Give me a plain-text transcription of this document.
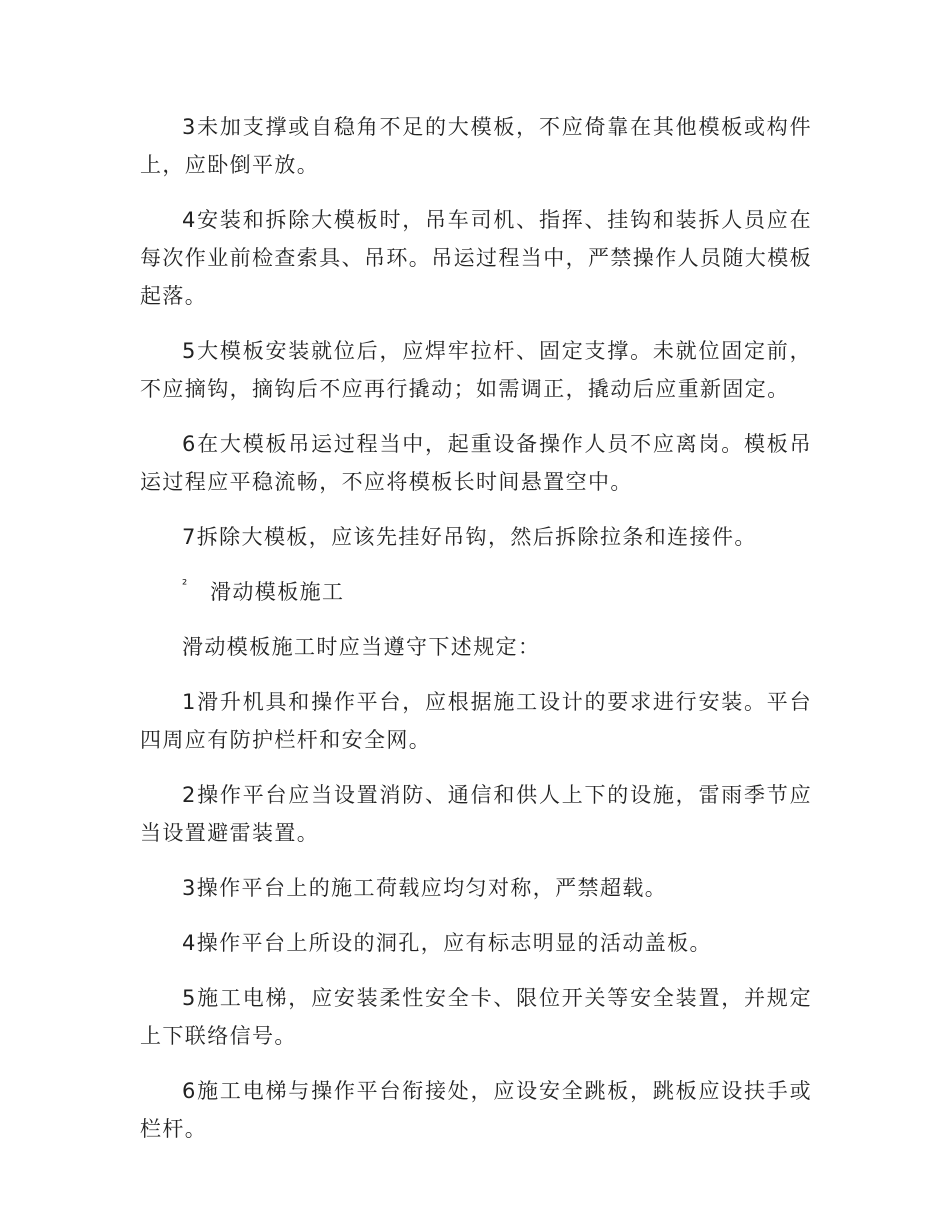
3未加支撑或自稳角不足的大模板，不应倚靠在其他模板或构件上，应卧倒平放。

4安装和拆除大模板时，吊车司机、指挥、挂钩和装拆人员应在每次作业前检查索具、吊环。吊运过程当中，严禁操作人员随大模板起落。

5大模板安装就位后，应焊牢拉杆、固定支撑。未就位固定前，不应摘钩，摘钩后不应再行撬动；如需调正，撬动后应重新固定。

6在大模板吊运过程当中，起重设备操作人员不应离岗。模板吊运过程应平稳流畅，不应将模板长时间悬置空中。

7拆除大模板，应该先挂好吊钩，然后拆除拉条和连接件。

² 滑动模板施工

滑动模板施工时应当遵守下述规定：

1滑升机具和操作平台，应根据施工设计的要求进行安装。平台四周应有防护栏杆和安全网。

2操作平台应当设置消防、通信和供人上下的设施，雷雨季节应当设置避雷装置。

3操作平台上的施工荷载应均匀对称，严禁超载。

4操作平台上所设的洞孔，应有标志明显的活动盖板。

5施工电梯，应安装柔性安全卡、限位开关等安全装置，并规定上下联络信号。

6施工电梯与操作平台衔接处，应设安全跳板，跳板应设扶手或栏杆。
